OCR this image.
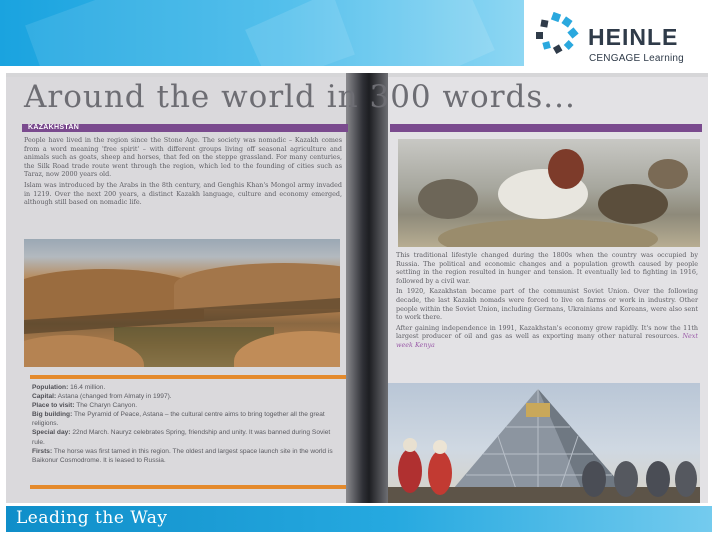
HEINLE
CENGAGE Learning
Around the world in 300 words...
KAZAKHSTAN

People have lived in the region since the Stone Age. The society was nomadic – Kazakh comes from a word meaning 'free spirit' – with different groups living off seasonal agriculture and animals such as goats, sheep and horses, that fed on the steppe grassland. For many centuries, the Silk Road trade route went through the region, which led to the founding of cities such as Taraz, now 2000 years old.

Islam was introduced by the Arabs in the 8th century, and Genghis Khan's Mongol army invaded in 1219. Over the next 200 years, a distinct Kazakh language, culture and economy emerged, although still based on nomadic life.

Population: 16.4 million.
Capital: Astana (changed from Almaty in 1997).
Place to visit: The Charyn Canyon.
Big building: The Pyramid of Peace, Astana – the cultural centre aims to bring together all the great religions.
Special day: 22nd March. Nauryz celebrates Spring, friendship and unity. It was banned during Soviet rule.
Firsts: The horse was first tamed in this region. The oldest and largest space launch site in the world is Baikonur Cosmodrome. It is leased to Russia.

This traditional lifestyle changed during the 1800s when the country was occupied by Russia. The political and economic changes and a population growth caused by people settling in the region resulted in hunger and tension. It eventually led to fighting in 1916, followed by a civil war.

In 1920, Kazakhstan became part of the communist Soviet Union. Over the following decade, the last Kazakh nomads were forced to live on farms or work in industry. Other people within the Soviet Union, including Germans, Ukrainians and Koreans, were also sent to work there.

After gaining independence in 1991, Kazakhstan's economy grew rapidly. It's now the 11th largest producer of oil and gas as well as exporting many other natural resources. Next week Kenya

Leading the Way
